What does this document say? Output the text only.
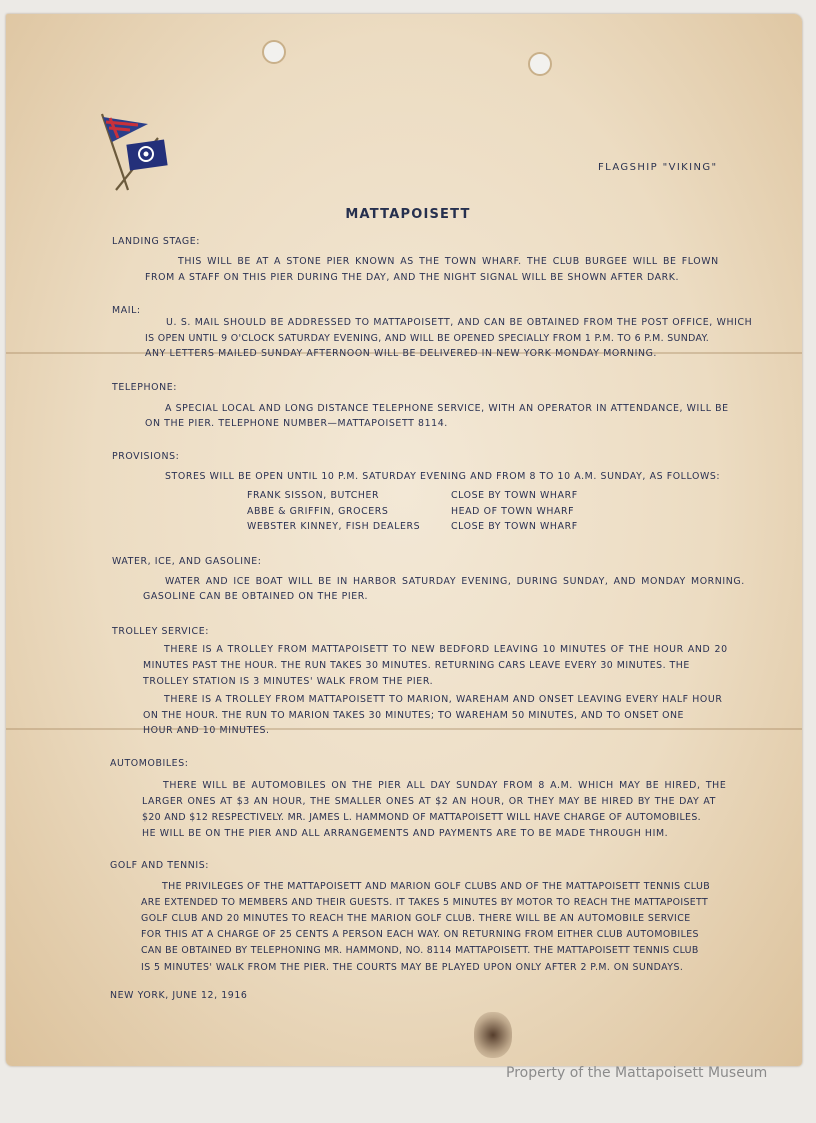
FLAGSHIP "VIKING"
MATTAPOISETT
LANDING STAGE:
THIS WILL BE AT A STONE PIER KNOWN AS THE TOWN WHARF. THE CLUB BURGEE WILL BE FLOWN
FROM A STAFF ON THIS PIER DURING THE DAY, AND THE NIGHT SIGNAL WILL BE SHOWN AFTER DARK.
MAIL:
U. S. MAIL SHOULD BE ADDRESSED TO MATTAPOISETT, AND CAN BE OBTAINED FROM THE POST OFFICE, WHICH
IS OPEN UNTIL 9 O'CLOCK SATURDAY EVENING, AND WILL BE OPENED SPECIALLY FROM 1 P.M. TO 6 P.M. SUNDAY.
ANY LETTERS MAILED SUNDAY AFTERNOON WILL BE DELIVERED IN NEW YORK MONDAY MORNING.
TELEPHONE:
A SPECIAL LOCAL AND LONG DISTANCE TELEPHONE SERVICE, WITH AN OPERATOR IN ATTENDANCE, WILL BE
ON THE PIER. TELEPHONE NUMBER—MATTAPOISETT 8114.
PROVISIONS:
STORES WILL BE OPEN UNTIL 10 P.M. SATURDAY EVENING AND FROM 8 TO 10 A.M. SUNDAY, AS FOLLOWS:
FRANK SISSON, BUTCHER	CLOSE BY TOWN WHARF
ABBE & GRIFFIN, GROCERS	HEAD OF TOWN WHARF
WEBSTER KINNEY, FISH DEALERS	CLOSE BY TOWN WHARF
WATER, ICE, AND GASOLINE:
WATER AND ICE BOAT WILL BE IN HARBOR SATURDAY EVENING, DURING SUNDAY, AND MONDAY MORNING.
GASOLINE CAN BE OBTAINED ON THE PIER.
TROLLEY SERVICE:
THERE IS A TROLLEY FROM MATTAPOISETT TO NEW BEDFORD LEAVING 10 MINUTES OF THE HOUR AND 20
MINUTES PAST THE HOUR. THE RUN TAKES 30 MINUTES. RETURNING CARS LEAVE EVERY 30 MINUTES. THE
TROLLEY STATION IS 3 MINUTES' WALK FROM THE PIER.
THERE IS A TROLLEY FROM MATTAPOISETT TO MARION, WAREHAM AND ONSET LEAVING EVERY HALF HOUR
ON THE HOUR. THE RUN TO MARION TAKES 30 MINUTES; TO WAREHAM 50 MINUTES, AND TO ONSET ONE
HOUR AND 10 MINUTES.
AUTOMOBILES:
THERE WILL BE AUTOMOBILES ON THE PIER ALL DAY SUNDAY FROM 8 A.M. WHICH MAY BE HIRED, THE
LARGER ONES AT $3 AN HOUR, THE SMALLER ONES AT $2 AN HOUR, OR THEY MAY BE HIRED BY THE DAY AT
$20 AND $12 RESPECTIVELY. MR. JAMES L. HAMMOND OF MATTAPOISETT WILL HAVE CHARGE OF AUTOMOBILES.
HE WILL BE ON THE PIER AND ALL ARRANGEMENTS AND PAYMENTS ARE TO BE MADE THROUGH HIM.
GOLF AND TENNIS:
THE PRIVILEGES OF THE MATTAPOISETT AND MARION GOLF CLUBS AND OF THE MATTAPOISETT TENNIS CLUB
ARE EXTENDED TO MEMBERS AND THEIR GUESTS. IT TAKES 5 MINUTES BY MOTOR TO REACH THE MATTAPOISETT
GOLF CLUB AND 20 MINUTES TO REACH THE MARION GOLF CLUB. THERE WILL BE AN AUTOMOBILE SERVICE
FOR THIS AT A CHARGE OF 25 CENTS A PERSON EACH WAY. ON RETURNING FROM EITHER CLUB AUTOMOBILES
CAN BE OBTAINED BY TELEPHONING MR. HAMMOND, NO. 8114 MATTAPOISETT. THE MATTAPOISETT TENNIS CLUB
IS 5 MINUTES' WALK FROM THE PIER. THE COURTS MAY BE PLAYED UPON ONLY AFTER 2 P.M. ON SUNDAYS.
NEW YORK, JUNE 12, 1916
Property of the Mattapoisett Museum
